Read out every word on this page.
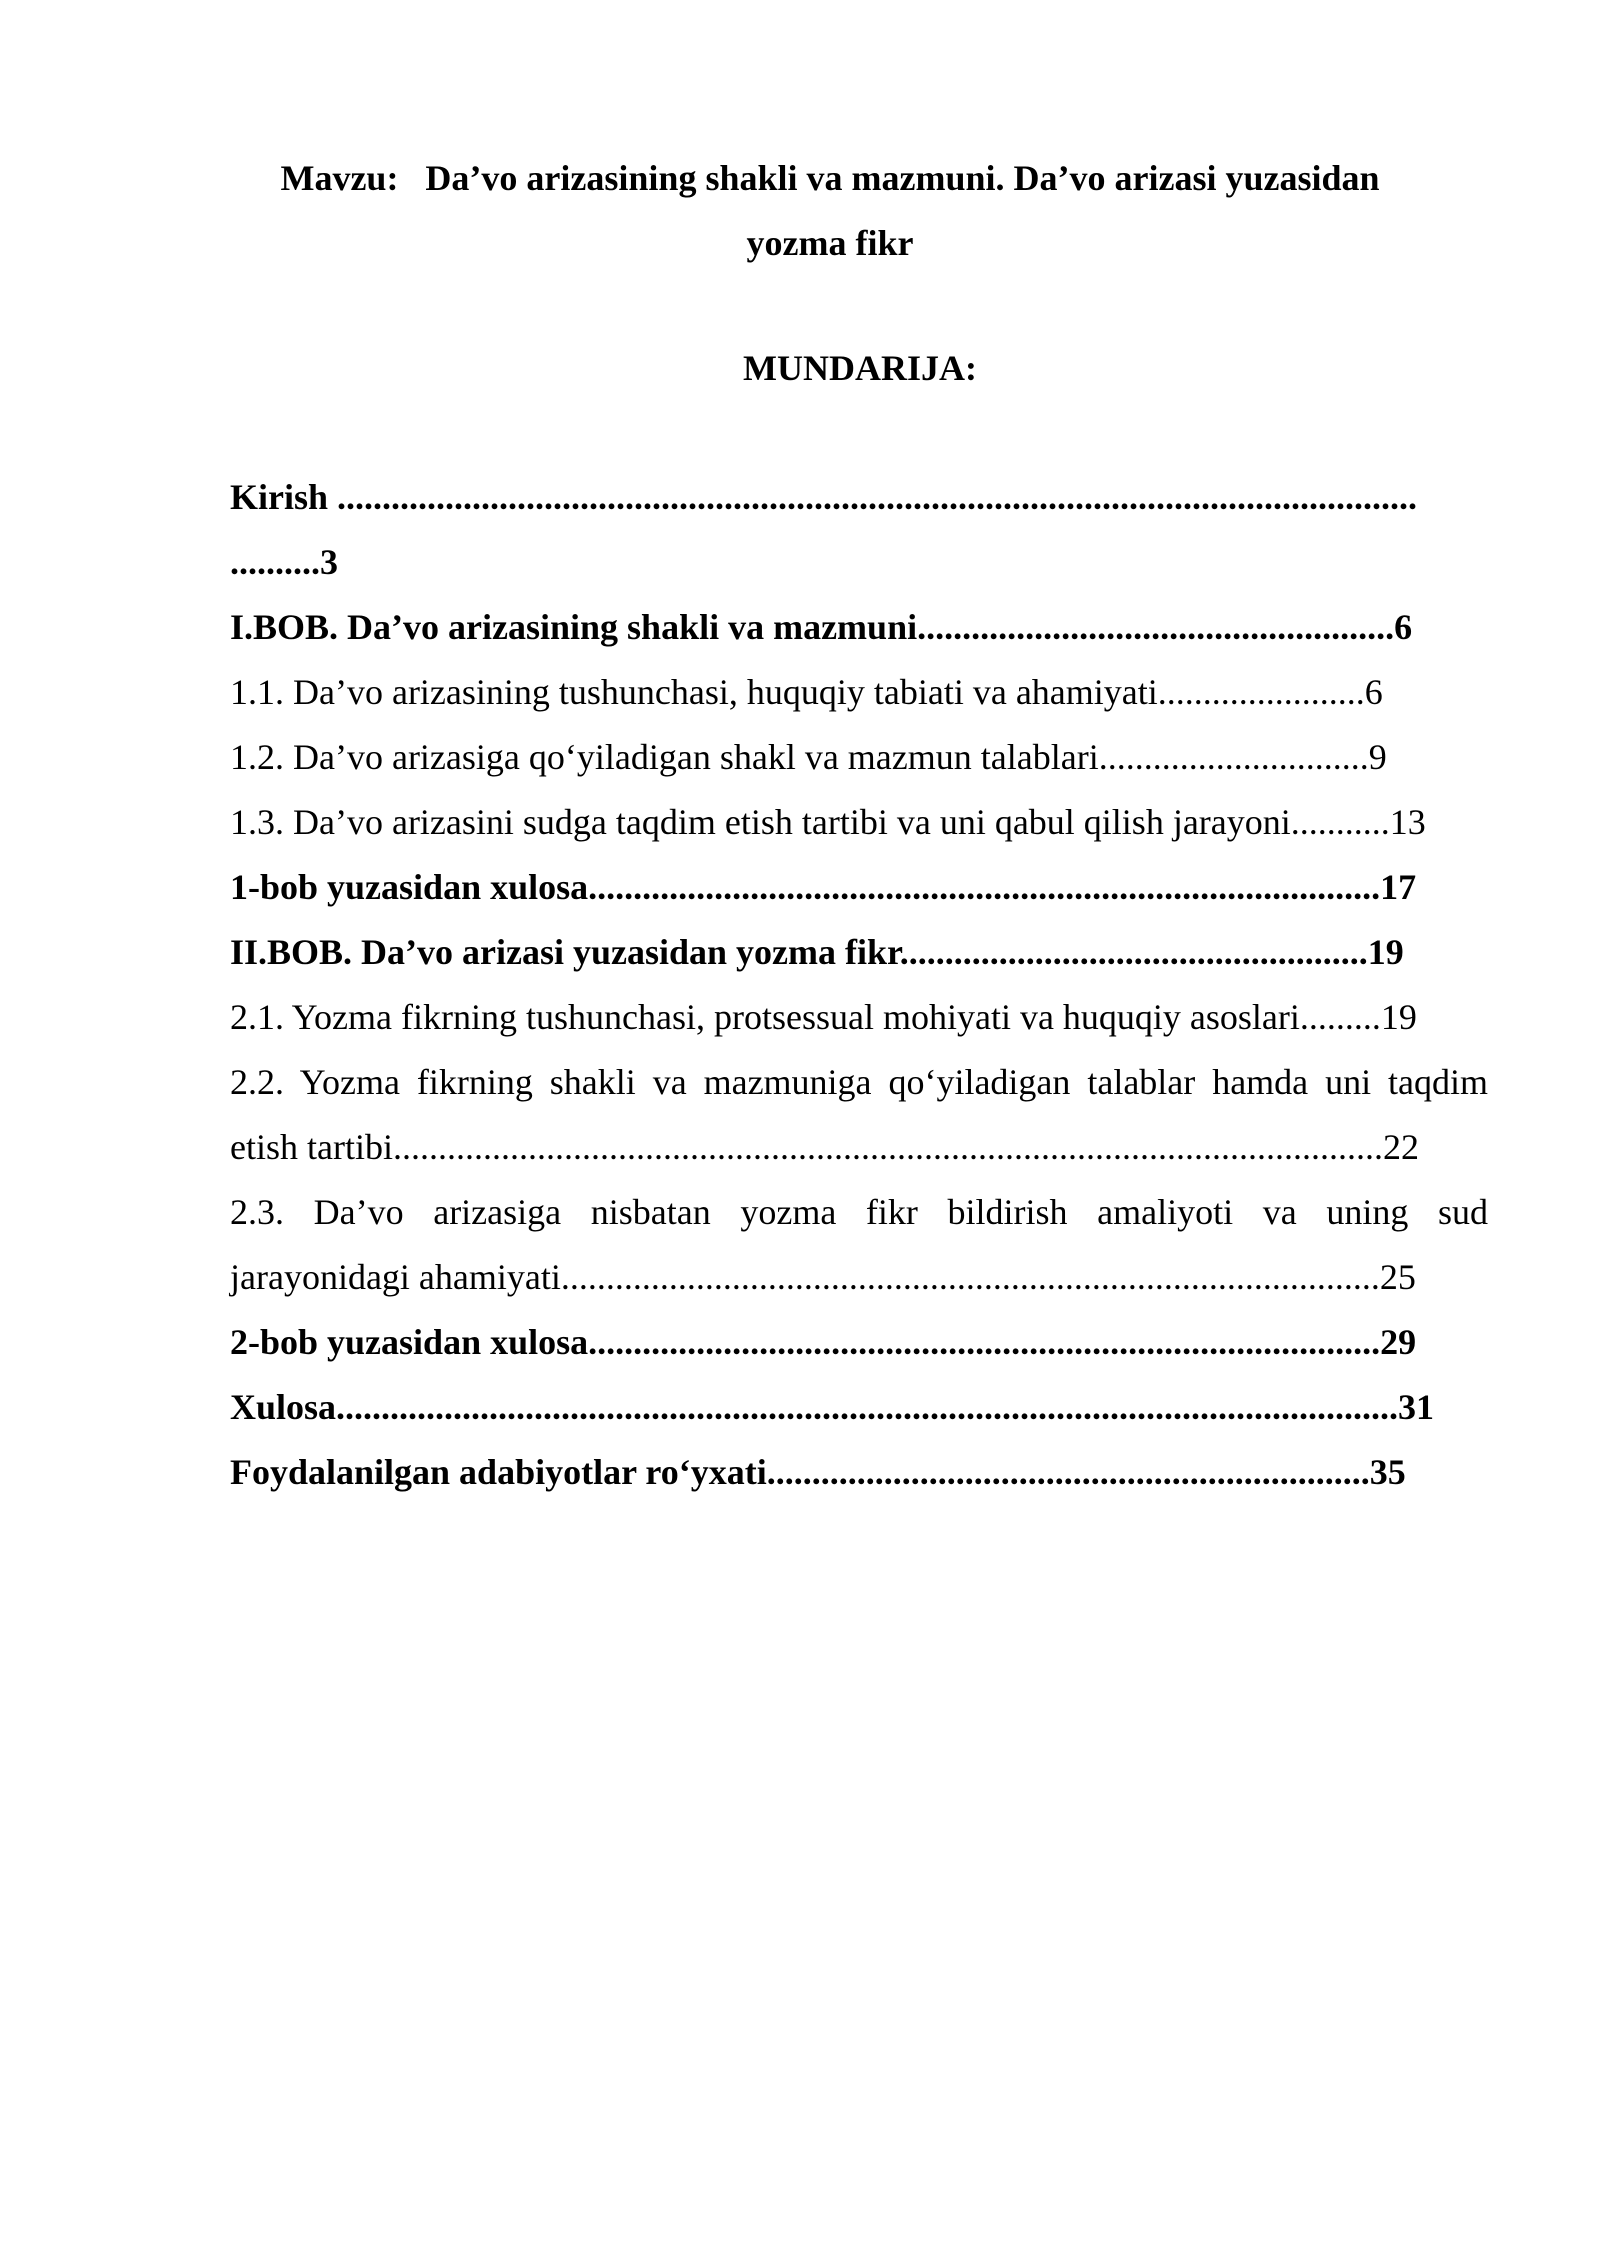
Mavzu:   Da’vo arizasining shakli va mazmuni. Da’vo arizasi yuzasidan yozma fikr
MUNDARIJA:
Kirish ........................................................................................................................
..........3
I.BOB. Da’vo arizasining shakli va mazmuni.....................................................6
1.1. Da’vo arizasining tushunchasi, huquqiy tabiati va ahamiyati.......................6
1.2. Da’vo arizasiga qo‘yiladigan shakl va mazmun talablari..............................9
1.3. Da’vo arizasini sudga taqdim etish tartibi va uni qabul qilish jarayoni...........13
1-bob yuzasidan xulosa........................................................................................17
II.BOB. Da’vo arizasi yuzasidan yozma fikr....................................................19
2.1. Yozma fikrning tushunchasi, protsessual mohiyati va huquqiy asoslari.........19
2.2. Yozma fikrning shakli va mazmuniga qo‘yiladigan talablar hamda uni taqdim
etish tartibi..............................................................................................................22
2.3. Da’vo arizasiga nisbatan yozma fikr bildirish amaliyoti va uning sud
jarayonidagi ahamiyati...........................................................................................25
2-bob yuzasidan xulosa........................................................................................29
Xulosa......................................................................................................................31
Foydalanilgan adabiyotlar ro‘yxati...................................................................35
